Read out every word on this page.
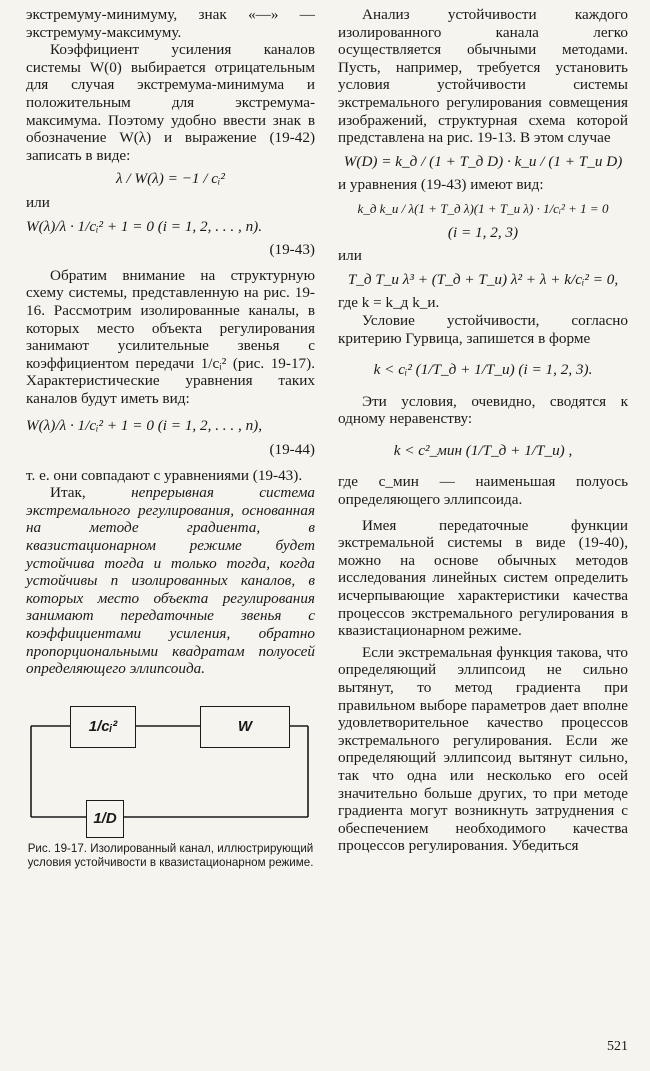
экстремуму-минимуму, знак «—» — экстремуму-максимуму.

Коэффициент усиления каналов системы W(0) выбирается отрицательным для случая экстремума-минимума и положительным для экстремума-максимума. Поэтому удобно ввести знак в обозначение W(λ) и выражение (19-42) записать в виде:

λ / W(λ) = −1 / cᵢ²

или

W(λ)/λ · 1/cᵢ² + 1 = 0 (i = 1, 2, . . . , n).
(19-43)

Обратим внимание на структурную схему системы, представленную на рис. 19-16. Рассмотрим изолированные каналы, в которых место объекта регулирования занимают усилительные звенья с коэффициентом передачи 1/cᵢ² (рис. 19-17). Характеристические уравнения таких каналов будут иметь вид:

W(λ)/λ · 1/cᵢ² + 1 = 0 (i = 1, 2, . . . , n),
(19-44)

т. е. они совпадают с уравнениями (19-43).

Итак, непрерывная система экстремального регулирования, основанная на методе градиента, в квазистационарном режиме будет устойчива тогда и только тогда, когда устойчивы n изолированных каналов, в которых место объекта регулирования занимают передаточные звенья с коэффициентами усиления, обратно пропорциональными квадратам полуосей определяющего эллипсоида.

1/cᵢ²	W
1/D
Рис. 19-17. Изолированный канал, иллюстрирующий условия устойчивости в квазистационарном режиме.

Анализ устойчивости каждого изолированного канала легко осуществляется обычными методами. Пусть, например, требуется установить условия устойчивости системы экстремального регулирования совмещения изображений, структурная схема которой представлена на рис. 19-13. В этом случае

W(D) = k_д / (1 + T_д D) · k_и / (1 + T_и D)

и уравнения (19-43) имеют вид:

k_д k_и / λ(1 + T_д λ)(1 + T_и λ) · 1/cᵢ² + 1 = 0
(i = 1, 2, 3)

или

T_д T_и λ³ + (T_д + T_и) λ² + λ + k/cᵢ² = 0,

где k = k_д k_и.

Условие устойчивости, согласно критерию Гурвица, запишется в форме

k < cᵢ² (1/T_д + 1/T_и) (i = 1, 2, 3).

Эти условия, очевидно, сводятся к одному неравенству:

k < c²_мин (1/T_д + 1/T_и) ,

где c_мин — наименьшая полуось определяющего эллипсоида.

Имея передаточные функции экстремальной системы в виде (19-40), можно на основе обычных методов исследования линейных систем определить исчерпывающие характеристики качества процессов экстремального регулирования в квазистационарном режиме.

Если экстремальная функция такова, что определяющий эллипсоид не сильно вытянут, то метод градиента при правильном выборе параметров дает вполне удовлетворительное качество процессов экстремального регулирования. Если же определяющий эллипсоид вытянут сильно, так что одна или несколько его осей значительно больше других, то при методе градиента могут возникнуть затруднения с обеспечением необходимого качества процессов регулирования. Убедиться

521
